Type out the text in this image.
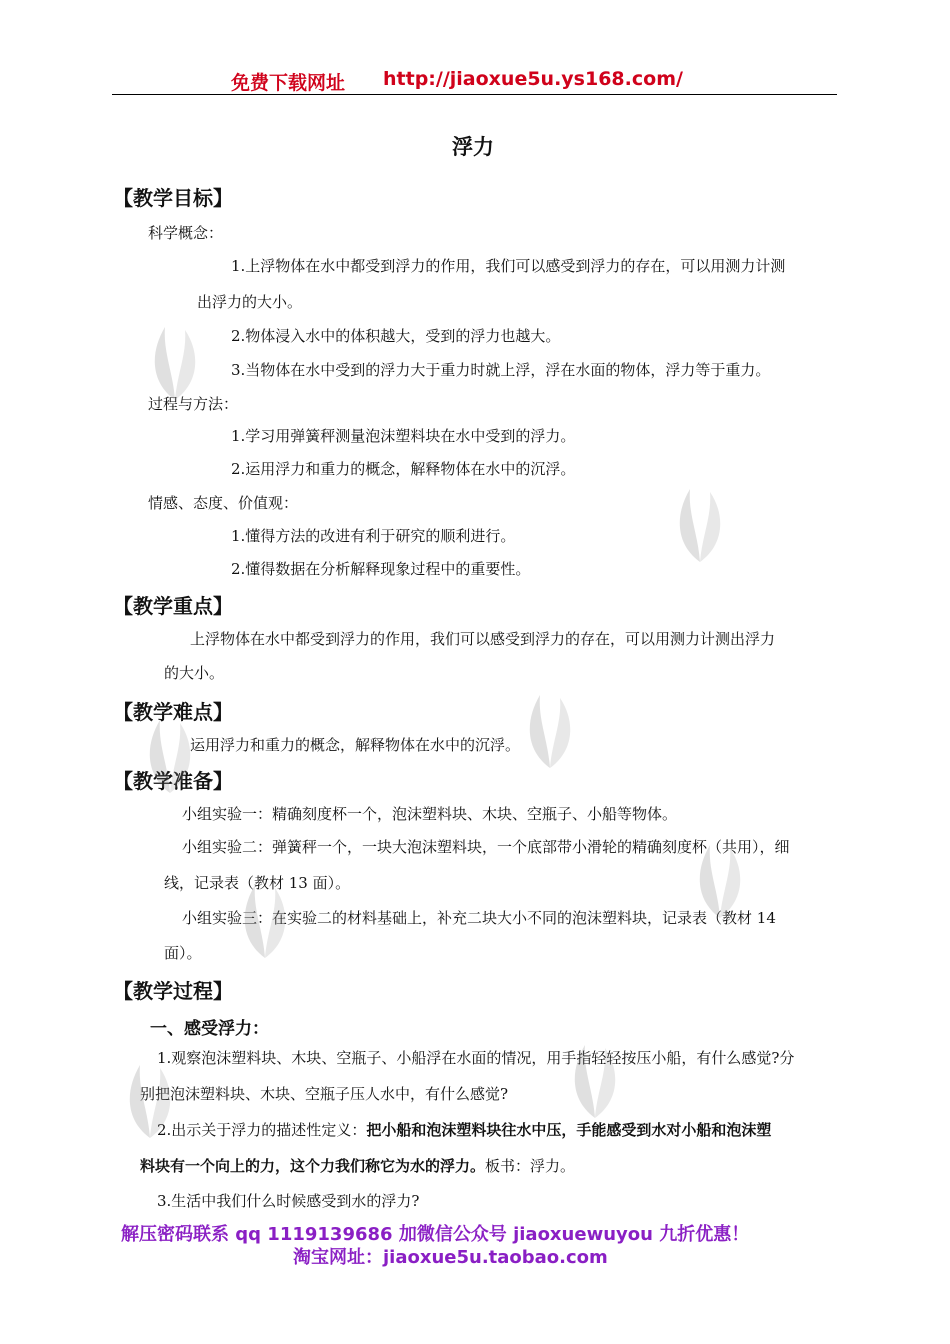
免费下载网址 http://jiaoxue5u.ys168.com/
浮力
【教学目标】
科学概念：
1.上浮物体在水中都受到浮力的作用，我们可以感受到浮力的存在，可以用测力计测
出浮力的大小。
2.物体浸入水中的体积越大，受到的浮力也越大。
3.当物体在水中受到的浮力大于重力时就上浮，浮在水面的物体，浮力等于重力。
过程与方法：
1.学习用弹簧秤测量泡沫塑料块在水中受到的浮力。
2.运用浮力和重力的概念，解释物体在水中的沉浮。
情感、态度、价值观：
1.懂得方法的改进有利于研究的顺利进行。
2.懂得数据在分析解释现象过程中的重要性。
【教学重点】
上浮物体在水中都受到浮力的作用，我们可以感受到浮力的存在，可以用测力计测出浮力
的大小。
【教学难点】
运用浮力和重力的概念，解释物体在水中的沉浮。
【教学准备】
小组实验一：精确刻度杯一个，泡沫塑料块、木块、空瓶子、小船等物体。
小组实验二：弹簧秤一个，一块大泡沫塑料块，一个底部带小滑轮的精确刻度杯（共用），细
线，记录表（教材 13 面）。
小组实验三：在实验二的材料基础上，补充二块大小不同的泡沫塑料块，记录表（教材 14
面）。
【教学过程】
一、感受浮力：
1.观察泡沫塑料块、木块、空瓶子、小船浮在水面的情况，用手指轻轻按压小船，有什么感觉?分
别把泡沫塑料块、木块、空瓶子压人水中，有什么感觉?
2.出示关于浮力的描述性定义：把小船和泡沫塑料块往水中压，手能感受到水对小船和泡沫塑
料块有一个向上的力，这个力我们称它为水的浮力。板书：浮力。
3.生活中我们什么时候感受到水的浮力?
解压密码联系 qq 1119139686 加微信公众号 jiaoxuewuyou 九折优惠！
淘宝网址：jiaoxue5u.taobao.com
